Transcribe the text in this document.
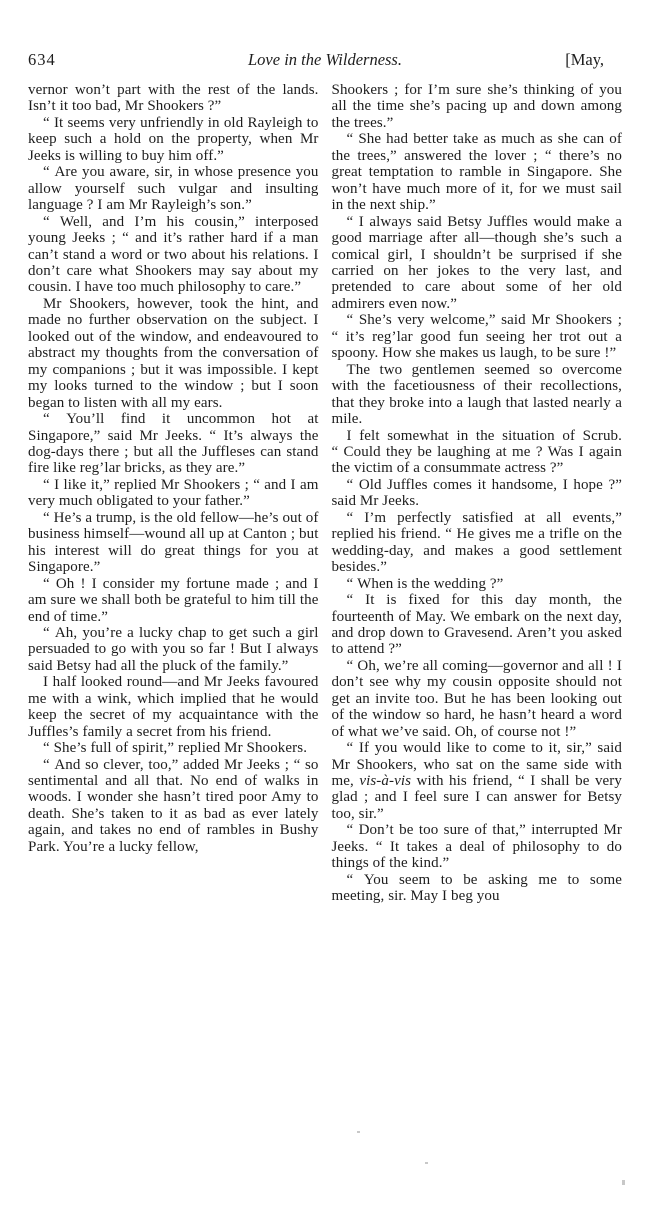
634	Love in the Wilderness.	[May,

vernor won’t part with the rest of the lands. Isn’t it too bad, Mr Shookers ?”

“ It seems very unfriendly in old Rayleigh to keep such a hold on the property, when Mr Jeeks is willing to buy him off.”

“ Are you aware, sir, in whose presence you allow yourself such vulgar and insulting language ? I am Mr Rayleigh’s son.”

“ Well, and I’m his cousin,” interposed young Jeeks ; “ and it’s rather hard if a man can’t stand a word or two about his relations. I don’t care what Shookers may say about my cousin. I have too much philosophy to care.”

Mr Shookers, however, took the hint, and made no further observation on the subject. I looked out of the window, and endeavoured to abstract my thoughts from the conversation of my companions ; but it was impossible. I kept my looks turned to the window ; but I soon began to listen with all my ears.

“ You’ll find it uncommon hot at Singapore,” said Mr Jeeks. “ It’s always the dog-days there ; but all the Juffleses can stand fire like reg’lar bricks, as they are.”

“ I like it,” replied Mr Shookers ; “ and I am very much obligated to your father.”

“ He’s a trump, is the old fellow—he’s out of business himself—wound all up at Canton ; but his interest will do great things for you at Singapore.”

“ Oh ! I consider my fortune made ; and I am sure we shall both be grateful to him till the end of time.”

“ Ah, you’re a lucky chap to get such a girl persuaded to go with you so far ! But I always said Betsy had all the pluck of the family.”

I half looked round—and Mr Jeeks favoured me with a wink, which implied that he would keep the secret of my acquaintance with the Juffles’s family a secret from his friend.

“ She’s full of spirit,” replied Mr Shookers.

“ And so clever, too,” added Mr Jeeks ; “ so sentimental and all that. No end of walks in woods. I wonder she hasn’t tired poor Amy to death. She’s taken to it as bad as ever lately again, and takes no end of rambles in Bushy Park. You’re a lucky fellow,

Shookers ; for I’m sure she’s thinking of you all the time she’s pacing up and down among the trees.”

“ She had better take as much as she can of the trees,” answered the lover ; “ there’s no great temptation to ramble in Singapore. She won’t have much more of it, for we must sail in the next ship.”

“ I always said Betsy Juffles would make a good marriage after all—though she’s such a comical girl, I shouldn’t be surprised if she carried on her jokes to the very last, and pretended to care about some of her old admirers even now.”

“ She’s very welcome,” said Mr Shookers ; “ it’s reg’lar good fun seeing her trot out a spoony. How she makes us laugh, to be sure !”

The two gentlemen seemed so overcome with the facetiousness of their recollections, that they broke into a laugh that lasted nearly a mile.

I felt somewhat in the situation of Scrub. “ Could they be laughing at me ? Was I again the victim of a consummate actress ?”

“ Old Juffles comes it handsome, I hope ?” said Mr Jeeks.

“ I’m perfectly satisfied at all events,” replied his friend. “ He gives me a trifle on the wedding-day, and makes a good settlement besides.”

“ When is the wedding ?”

“ It is fixed for this day month, the fourteenth of May. We embark on the next day, and drop down to Gravesend. Aren’t you asked to attend ?”

“ Oh, we’re all coming—governor and all ! I don’t see why my cousin opposite should not get an invite too. But he has been looking out of the window so hard, he hasn’t heard a word of what we’ve said. Oh, of course not !”

“ If you would like to come to it, sir,” said Mr Shookers, who sat on the same side with me, vis-à-vis with his friend, “ I shall be very glad ; and I feel sure I can answer for Betsy too, sir.”

“ Don’t be too sure of that,” interrupted Mr Jeeks. “ It takes a deal of philosophy to do things of the kind.”

“ You seem to be asking me to some meeting, sir. May I beg you
